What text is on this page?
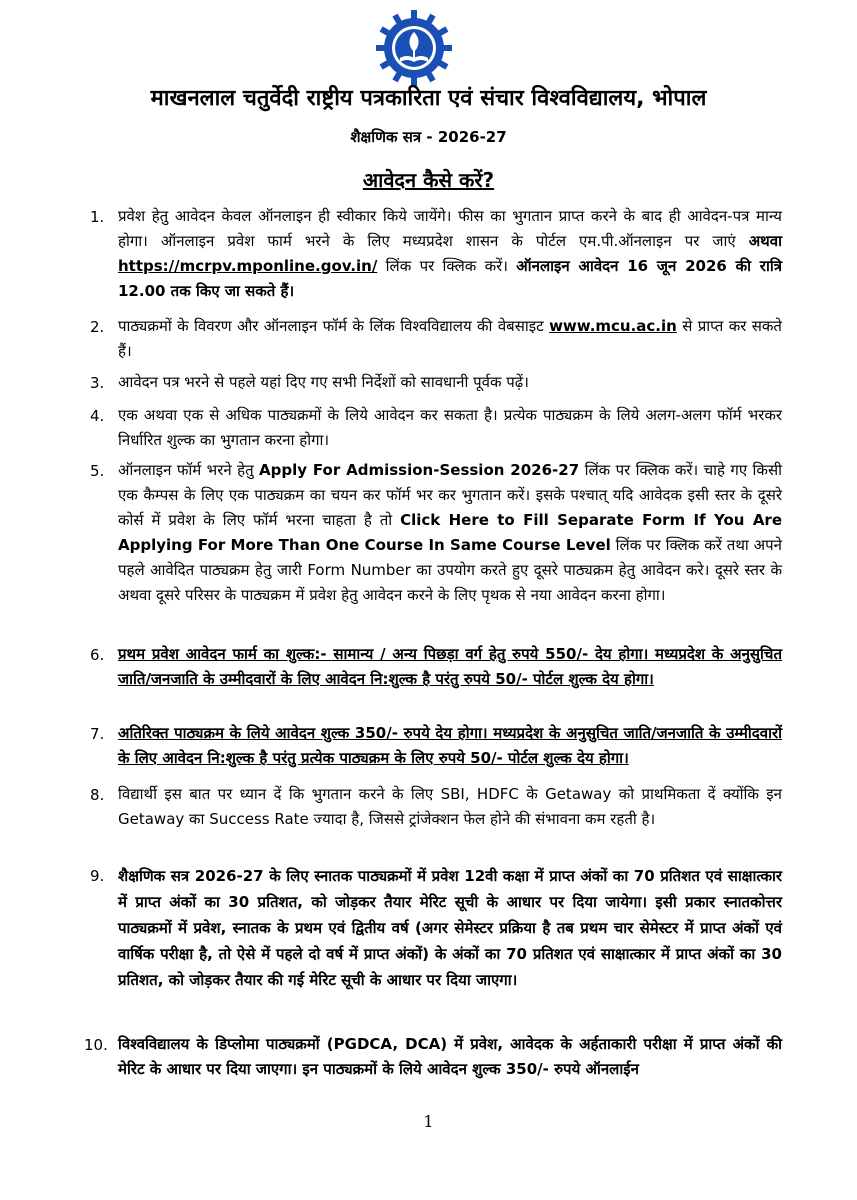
माखनलाल चतुर्वेदी राष्ट्रीय पत्रकारिता एवं संचार विश्वविद्यालय, भोपाल
शैक्षणिक सत्र - 2026-27
आवेदन कैसे करें?
1. प्रवेश हेतु आवेदन केवल ऑनलाइन ही स्वीकार किये जायेंगे। फीस का भुगतान प्राप्त करने के बाद ही आवेदन-पत्र मान्य होगा। ऑनलाइन प्रवेश फार्म भरने के लिए मध्यप्रदेश शासन के पोर्टल एम.पी.ऑनलाइन पर जाएं अथवा https://mcrpv.mponline.gov.in/ लिंक पर क्लिक करें। ऑनलाइन आवेदन 16 जून 2026 की रात्रि 12.00 तक किए जा सकते हैं।
2. पाठ्यक्रमों के विवरण और ऑनलाइन फॉर्म के लिंक विश्वविद्यालय की वेबसाइट www.mcu.ac.in से प्राप्त कर सकते हैं।
3. आवेदन पत्र भरने से पहले यहां दिए गए सभी निर्देशों को सावधानी पूर्वक पढ़ें।
4. एक अथवा एक से अधिक पाठ्यक्रमों के लिये आवेदन कर सकता है। प्रत्येक पाठ्यक्रम के लिये अलग-अलग फॉर्म भरकर निर्धारित शुल्क का भुगतान करना होगा।
5. ऑनलाइन फॉर्म भरने हेतु Apply For Admission-Session 2026-27 लिंक पर क्लिक करें। चाहे गए किसी एक कैम्पस के लिए एक पाठ्यक्रम का चयन कर फॉर्म भर कर भुगतान करें। इसके पश्चात् यदि आवेदक इसी स्तर के दूसरे कोर्स में प्रवेश के लिए फॉर्म भरना चाहता है तो Click Here to Fill Separate Form If You Are Applying For More Than One Course In Same Course Level लिंक पर क्लिक करें तथा अपने पहले आवेदित पाठ्यक्रम हेतु जारी Form Number का उपयोग करते हुए दूसरे पाठ्यक्रम हेतु आवेदन करे। दूसरे स्तर के अथवा दूसरे परिसर के पाठ्यक्रम में प्रवेश हेतु आवेदन करने के लिए पृथक से नया आवेदन करना होगा।
6. प्रथम प्रवेश आवेदन फार्म का शुल्क:- सामान्य / अन्य पिछड़ा वर्ग हेतु रुपये 550/- देय होगा। मध्यप्रदेश के अनुसुचित जाति/जनजाति के उम्मीदवारों के लिए आवेदन नि:शुल्क है परंतु रुपये 50/- पोर्टल शुल्क देय होगा।
7. अतिरिक्त पाठ्यक्रम के लिये आवेदन शुल्क 350/- रुपये देय होगा। मध्यप्रदेश के अनुसुचित जाति/जनजाति के उम्मीदवारों के लिए आवेदन नि:शुल्क है परंतु प्रत्येक पाठ्यक्रम के लिए रुपये 50/- पोर्टल शुल्क देय होगा।
8. विद्यार्थी इस बात पर ध्यान दें कि भुगतान करने के लिए SBI, HDFC के Getaway को प्राथमिकता दें क्योंकि इन Getaway का Success Rate ज्यादा है, जिससे ट्रांजेक्शन फेल होने की संभावना कम रहती है।
9. शैक्षणिक सत्र 2026-27 के लिए स्नातक पाठ्यक्रमों में प्रवेश 12वी कक्षा में प्राप्त अंकों का 70 प्रतिशत एवं साक्षात्कार में प्राप्त अंकों का 30 प्रतिशत, को जोड़कर तैयार मेरिट सूची के आधार पर दिया जायेगा। इसी प्रकार स्नातकोत्तर पाठ्यक्रमों में प्रवेश, स्नातक के प्रथम एवं द्वितीय वर्ष (अगर सेमेस्टर प्रक्रिया है तब प्रथम चार सेमेस्टर में प्राप्त अंकों एवं वार्षिक परीक्षा है, तो ऐसे में पहले दो वर्ष में प्राप्त अंकों) के अंकों का 70 प्रतिशत एवं साक्षात्कार में प्राप्त अंकों का 30 प्रतिशत, को जोड़कर तैयार की गई मेरिट सूची के आधार पर दिया जाएगा।
10. विश्वविद्यालय के डिप्लोमा पाठ्यक्रमों (PGDCA, DCA) में प्रवेश, आवेदक के अर्हताकारी परीक्षा में प्राप्त अंकों की मेरिट के आधार पर दिया जाएगा। इन पाठ्यक्रमों के लिये आवेदन शुल्क 350/- रुपये ऑनलाईन
1
